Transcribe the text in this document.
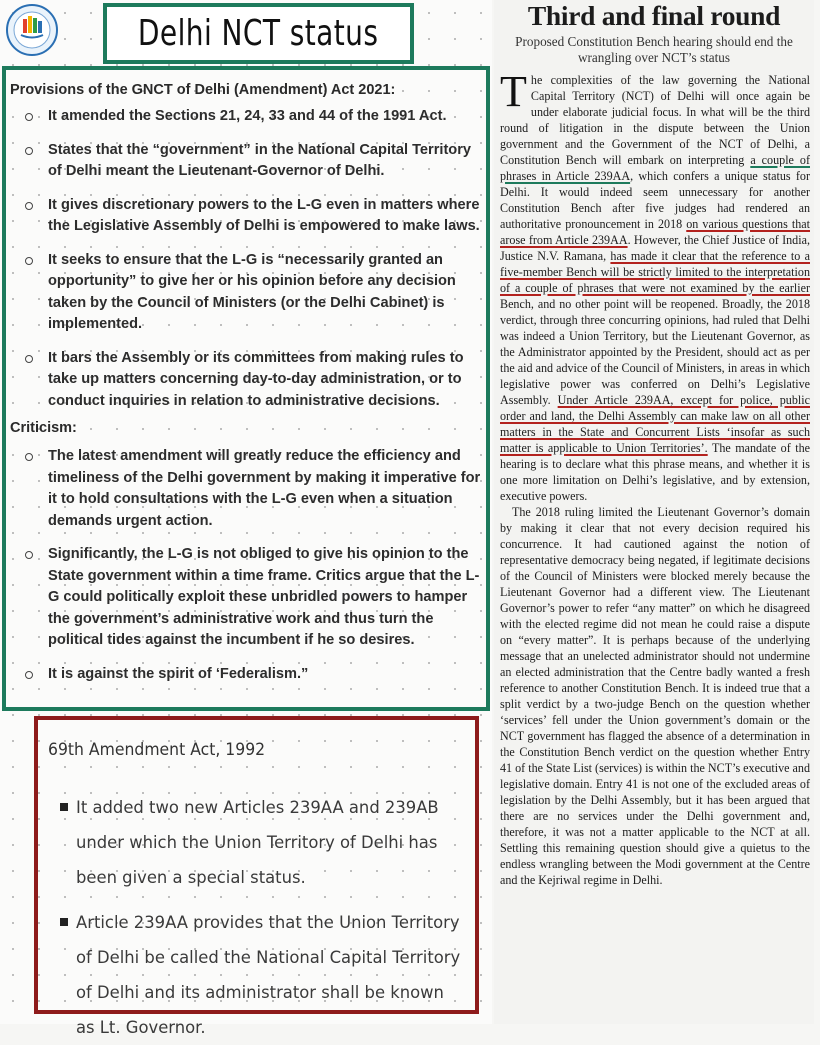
Delhi NCT status
Provisions of the GNCT of Delhi (Amendment) Act 2021:
It amended the Sections 21, 24, 33 and 44 of the 1991 Act.
States that the “government” in the National Capital Territory of Delhi meant the Lieutenant-Governor of Delhi.
It gives discretionary powers to the L-G even in matters where the Legislative Assembly of Delhi is empowered to make laws.
It seeks to ensure that the L-G is “necessarily granted an opportunity” to give her or his opinion before any decision taken by the Council of Ministers (or the Delhi Cabinet) is implemented.
It bars the Assembly or its committees from making rules to take up matters concerning day-to-day administration, or to conduct inquiries in relation to administrative decisions.
Criticism:
The latest amendment will greatly reduce the efficiency and timeliness of the Delhi government by making it imperative for it to hold consultations with the L-G even when a situation demands urgent action.
Significantly, the L-G is not obliged to give his opinion to the State government within a time frame. Critics argue that the L-G could politically exploit these unbridled powers to hamper the government’s administrative work and thus turn the political tides against the incumbent if he so desires.
It is against the spirit of ‘Federalism.”
69th Amendment Act, 1992
It added two new Articles 239AA and 239AB under which the Union Territory of Delhi has been given a special status.
Article 239AA provides that the Union Territory of Delhi be called the National Capital Territory of Delhi and its administrator shall be known as Lt. Governor.
Third and final round
Proposed Constitution Bench hearing should end the wrangling over NCT’s status

The complexities of the law governing the National Capital Territory (NCT) of Delhi will once again be under elaborate judicial focus. In what will be the third round of litigation in the dispute between the Union government and the Government of the NCT of Delhi, a Constitution Bench will embark on interpreting a couple of phrases in Article 239AA, which confers a unique status for Delhi. It would indeed seem unnecessary for another Constitution Bench after five judges had rendered an authoritative pronouncement in 2018 on various questions that arose from Article 239AA. However, the Chief Justice of India, Justice N.V. Ramana, has made it clear that the reference to a five-member Bench will be strictly limited to the interpretation of a couple of phrases that were not examined by the earlier Bench, and no other point will be reopened. Broadly, the 2018 verdict, through three concurring opinions, had ruled that Delhi was indeed a Union Territory, but the Lieutenant Governor, as the Administrator appointed by the President, should act as per the aid and advice of the Council of Ministers, in areas in which legislative power was conferred on Delhi’s Legislative Assembly. Under Article 239AA, except for police, public order and land, the Delhi Assembly can make law on all other matters in the State and Concurrent Lists ‘insofar as such matter is applicable to Union Territories’. The mandate of the hearing is to declare what this phrase means, and whether it is one more limitation on Delhi’s legislative, and by extension, executive powers.

The 2018 ruling limited the Lieutenant Governor’s domain by making it clear that not every decision required his concurrence. It had cautioned against the notion of representative democracy being negated, if legitimate decisions of the Council of Ministers were blocked merely because the Lieutenant Governor had a different view. The Lieutenant Governor’s power to refer “any matter” on which he disagreed with the elected regime did not mean he could raise a dispute on “every matter”. It is perhaps because of the underlying message that an unelected administrator should not undermine an elected administration that the Centre badly wanted a fresh reference to another Constitution Bench. It is indeed true that a split verdict by a two-judge Bench on the question whether ‘services’ fell under the Union government’s domain or the NCT government has flagged the absence of a determination in the Constitution Bench verdict on the question whether Entry 41 of the State List (services) is within the NCT’s executive and legislative domain. Entry 41 is not one of the excluded areas of legislation by the Delhi Assembly, but it has been argued that there are no services under the Delhi government and, therefore, it was not a matter applicable to the NCT at all. Settling this remaining question should give a quietus to the endless wrangling between the Modi government at the Centre and the Kejriwal regime in Delhi.
